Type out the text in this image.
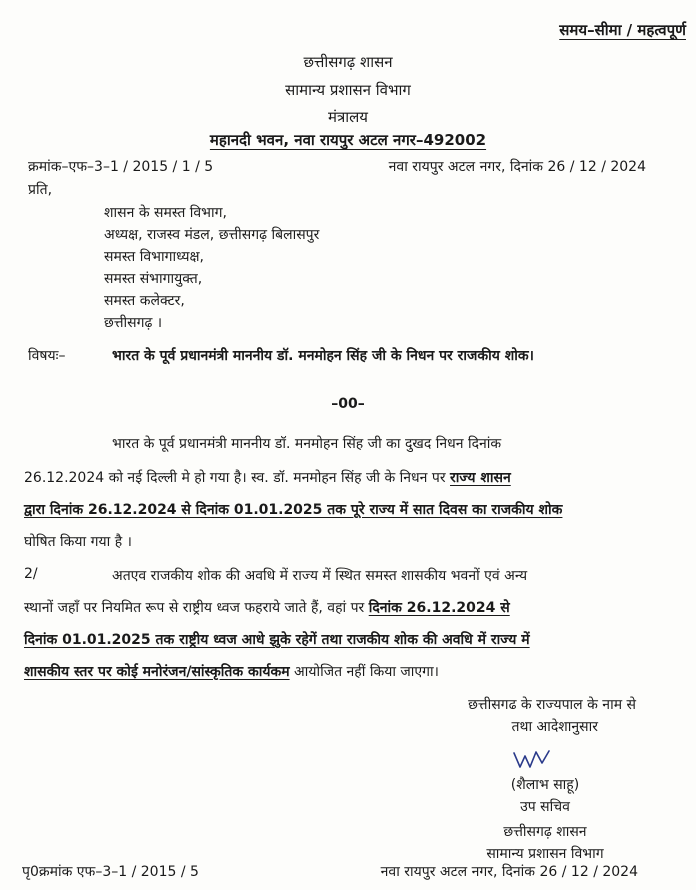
समय–सीमा / महत्वपूर्ण
छत्तीसगढ़ शासन
सामान्य प्रशासन विभाग
मंत्रालय
महानदी भवन, नवा रायपुर अटल नगर–492002
क्रमांक–एफ–3–1 / 2015 / 1 / 5	नवा रायपुर अटल नगर, दिनांक 26 / 12 / 2024
प्रति,
शासन के समस्त विभाग,
अध्यक्ष, राजस्व मंडल, छत्तीसगढ़ बिलासपुर
समस्त विभागाध्यक्ष,
समस्त संभागायुक्त,
समस्त कलेक्टर,
छत्तीसगढ़ ।
विषयः–	भारत के पूर्व प्रधानमंत्री माननीय डॉ. मनमोहन सिंह जी के निधन पर राजकीय शोक।
–00–
भारत के पूर्व प्रधानमंत्री माननीय डॉ. मनमोहन सिंह जी का दुखद निधन दिनांक
26.12.2024 को नई दिल्ली मे हो गया है। स्व. डॉ. मनमोहन सिंह जी के निधन पर राज्य शासन
द्वारा दिनांक 26.12.2024 से दिनांक 01.01.2025 तक पूरे राज्य में सात दिवस का राजकीय शोक
घोषित किया गया है ।
2/	अतएव राजकीय शोक की अवधि में राज्य में स्थित समस्त शासकीय भवनों एवं अन्य
स्थानों जहॉं पर नियमित रूप से राष्ट्रीय ध्वज फहराये जाते हैं, वहां पर दिनांक 26.12.2024 से
दिनांक 01.01.2025 तक राष्ट्रीय ध्वज आधे झुके रहेगें तथा राजकीय शोक की अवधि में राज्य में
शासकीय स्तर पर कोई मनोरंजन/सांस्कृतिक कार्यकम आयोजित नहीं किया जाएगा।
छत्तीसगढ के राज्यपाल के नाम से
तथा आदेशानुसार
(शैलाभ साहू)
उप सचिव
छत्तीसगढ़ शासन
सामान्य प्रशासन विभाग
पृ0क्रमांक एफ–3–1 / 2015 / 5	नवा रायपुर अटल नगर, दिनांक 26 / 12 / 2024
